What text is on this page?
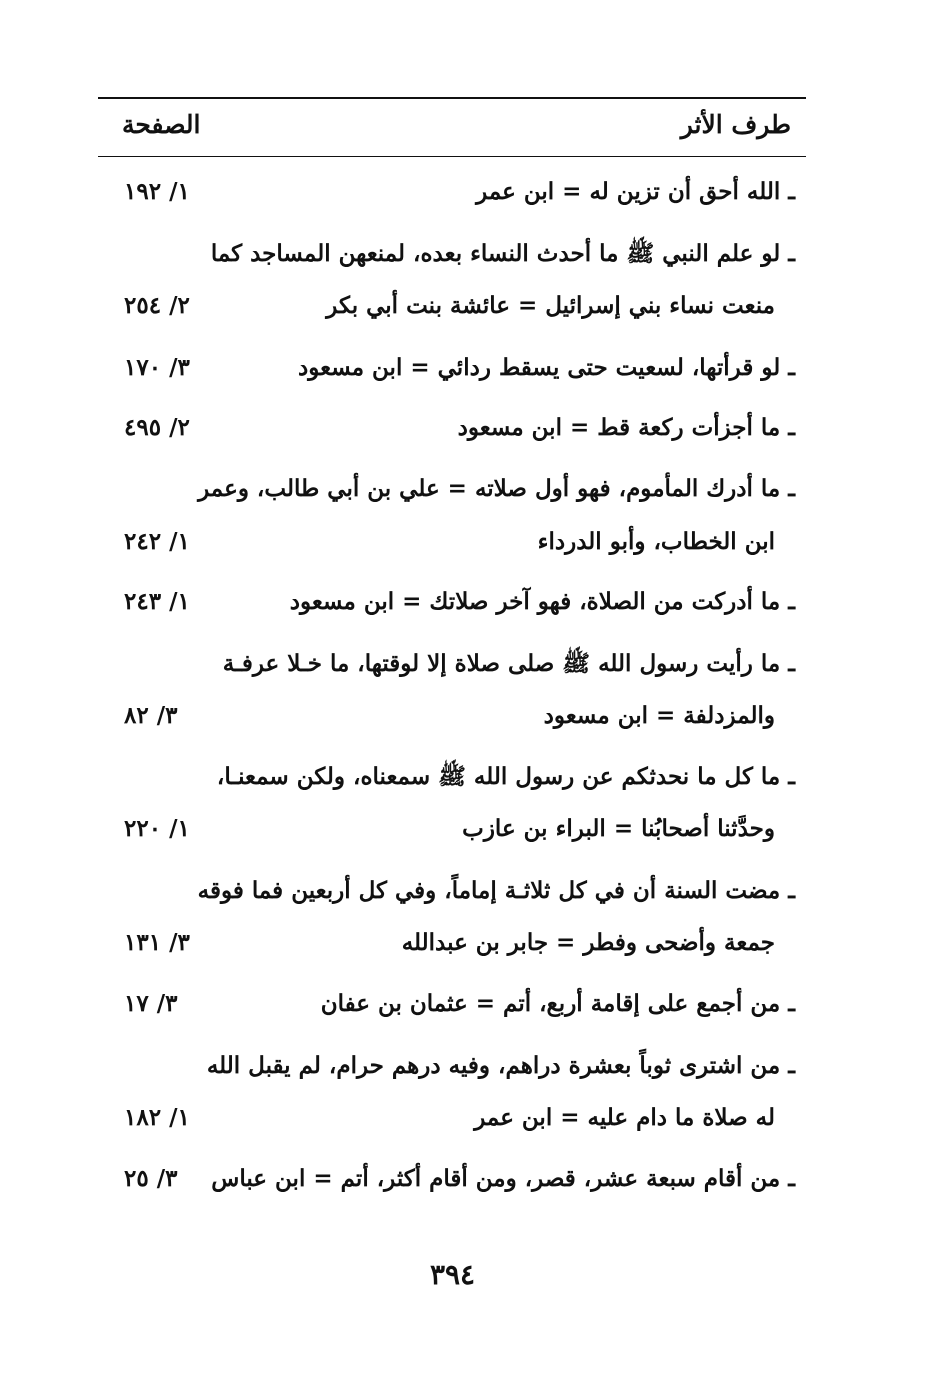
طرف الأثر
الصفحة
ـ الله أحق أن تزين له = ابن عمر
١/ ١٩٢
ـ لو علم النبي ﷺ ما أحدث النساء بعده، لمنعهن المساجد كما
منعت نساء بني إسرائيل = عائشة بنت أبي بكر
٢/ ٢٥٤
ـ لو قرأتها، لسعيت حتى يسقط ردائي = ابن مسعود
٣/ ١٧٠
ـ ما أجزأت ركعة قط = ابن مسعود
٢/ ٤٩٥
ـ ما أدرك المأموم، فهو أول صلاته = علي بن أبي طالب، وعمر
ابن الخطاب، وأبو الدرداء
١/ ٢٤٢
ـ ما أدركت من الصلاة، فهو آخر صلاتك = ابن مسعود
١/ ٢٤٣
ـ ما رأيت رسول الله ﷺ صلى صلاة إلا لوقتها، ما خـلا عرفـة
والمزدلفة = ابن مسعود
٣/ ٨٢
ـ ما كل ما نحدثكم عن رسول الله ﷺ سمعناه، ولكن سمعنـا،
وحدَّثنا أصحابُنا = البراء بن عازب
١/ ٢٢٠
ـ مضت السنة أن في كل ثلاثـة إماماً، وفي كل أربعين فما فوقه
جمعة وأضحى وفطر = جابر بن عبدالله
٣/ ١٣١
ـ من أجمع على إقامة أربع، أتم = عثمان بن عفان
٣/ ١٧
ـ من اشترى ثوباً بعشرة دراهم، وفيه درهم حرام، لم يقبل الله
له صلاة ما دام عليه = ابن عمر
١/ ١٨٢
ـ من أقام سبعة عشر، قصر، ومن أقام أكثر، أتم = ابن عباس
٣/ ٢٥
٣٩٤
